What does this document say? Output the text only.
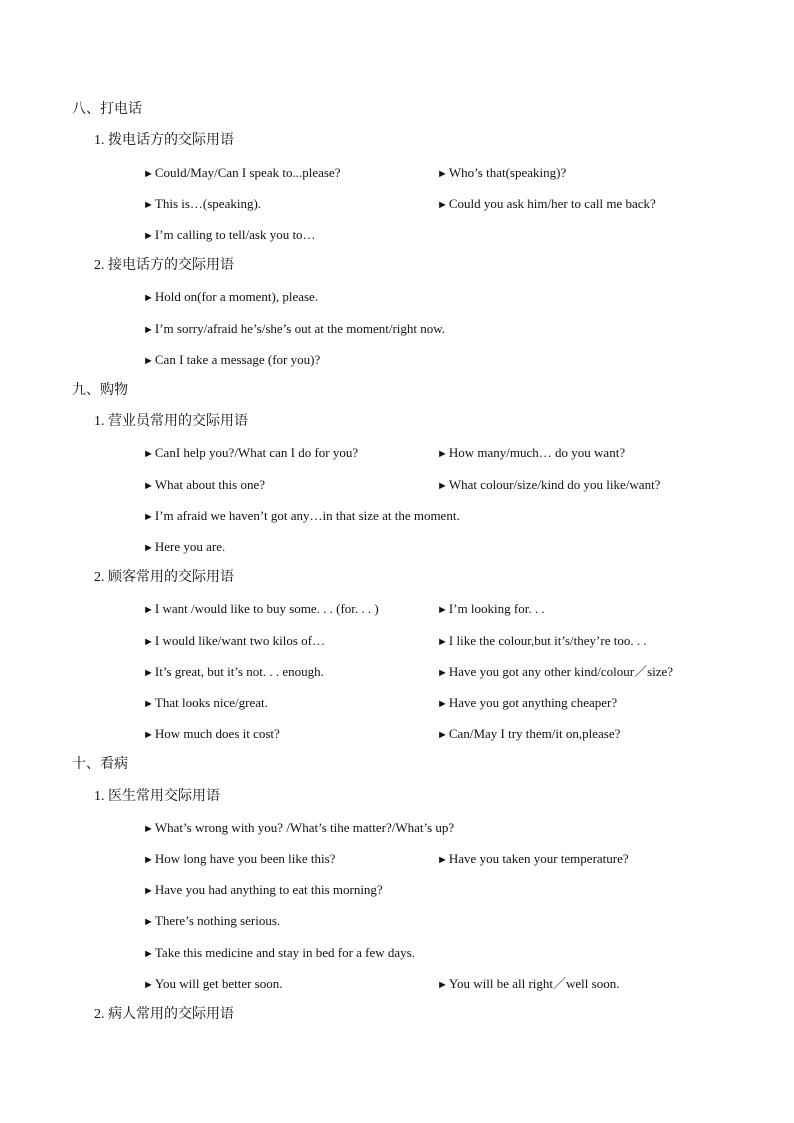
八、打电话
1. 拨电话方的交际用语
►Could/May/Can I speak to...please?	►Who’s that(speaking)?
►This is…(speaking).	►Could you ask him/her to call me back?
►I’m calling to tell/ask you to…
2. 接电话方的交际用语
►Hold on(for a moment), please.
►I’m sorry/afraid he’s/she’s out at the moment/right now.
►Can I take a message (for you)?
九、购物
1. 营业员常用的交际用语
►CanI help you?/What can I do for you?	►How many/much… do you want?
►What about this one?	►What colour/size/kind do you like/want?
►I’m afraid we haven’t got any…in that size at the moment.
►Here you are.
2. 顾客常用的交际用语
►I want /would like to buy some. . . (for. . . )	►I’m looking for. . .
►I would like/want two kilos of…	►I like the colour,but it’s/they’re too. . .
►It’s great, but it’s not. . . enough.	►Have you got any other kind/colour／size?
►That looks nice/great.	►Have you got anything cheaper?
►How much does it cost?	►Can/May I try them/it on,please?
十、看病
1. 医生常用交际用语
►What’s wrong with you? /What’s tihe matter?/What’s up?
►How long have you been like this?	►Have you taken your temperature?
►Have you had anything to eat this morning?
►There’s nothing serious.
►Take this medicine and stay in bed for a few days.
►You will get better soon.	►You will be all right／well soon.
2. 病人常用的交际用语
